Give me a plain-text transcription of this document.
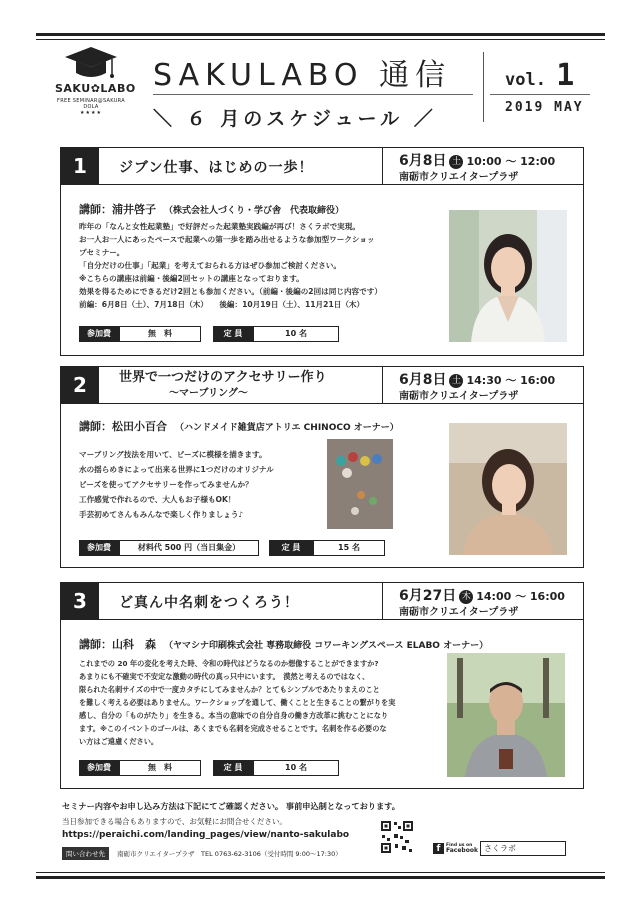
SAKU✿LABO
FREE SEMINAR@SAKURA DOLA
★★★★
SAKULABO 通信	vol. 1
2019 MAY
＼ ６ 月のスケジュール ／
1	ジブン仕事、はじめの一歩！	6月8日 土 10:00 ～ 12:00
南砺市クリエイタープラザ
講師：浦井啓子 （株式会社人づくり・学び舎　代表取締役）
昨年の「なんと女性起業塾」で好評だった起業塾実践編が再び！さくラボで実現。
お一人お一人にあったペースで起業への第一歩を踏み出せるような参加型ワークショッ
プセミナー。
「自分だけの仕事」「起業」を考えておられる方はぜひ参加ご検討ください。
※こちらの講座は前編・後編2回セットの講座となっております。
効果を得るためにできるだけ2回とも参加ください。（前編・後編の2回は同じ内容です）
前編：6月8日（土）、7月18日（木）　　後編：10月19日（土）、11月21日（木）
参加費	無　料	定 員	10 名
2	世界で一つだけのアクセサリー作り
～マーブリング～
6月8日 土 14:30 ～ 16:00
南砺市クリエイタープラザ
講師：松田小百合 （ハンドメイド雑貨店アトリエ CHINOCO オーナー）
マーブリング技法を用いて、ビーズに模様を描きます。
水の揺らめきによって出来る世界に1つだけのオリジナル
ビーズを使ってアクセサリーを作ってみませんか？
工作感覚で作れるので、大人もお子様もOK！
手芸初めてさんもみんなで楽しく作りましょう♪
参加費	材料代 500 円（当日集金）	定 員	15 名
3	ど真ん中名刺をつくろう！	6月27日 木 14:00 ～ 16:00
南砺市クリエイタープラザ
講師：山科　森 （ヤマシナ印刷株式会社 専務取締役 コワーキングスペース ELABO オーナー）
これまでの 20 年の変化を考えた時、令和の時代はどうなるのか想像することができますか?
あまりにも不確実で不安定な激動の時代の真っ只中にいます。　漠然と考えるのではなく、
限られた名刺サイズの中で一度カタチにしてみませんか？とてもシンプルであたりまえのこと
を難しく考える必要はありません。ワークショップを通して、働くことと生きることの繋がりを実
感し、自分の「ものがたり」を生きる。本当の意味での自分自身の働き方改革に挑むことになり
ます。※このイベントのゴールは、あくまでも名刺を完成させることです。名刺を作る必要のな
い方はご遠慮ください。
参加費	無　料	定 員	10 名
セミナー内容やお申し込み方法は下記にてご確認ください。 事前申込制となっております。
当日参加できる場合もありますので、お気軽にお問合せください。
https://peraichi.com/landing_pages/view/nanto-sakulabo
問い合わせ先 南砺市クリエイタープラザ　TEL 0763-62-3106（受付時間 9:00～17:30）	f Find us on
Facebook さくラボ
